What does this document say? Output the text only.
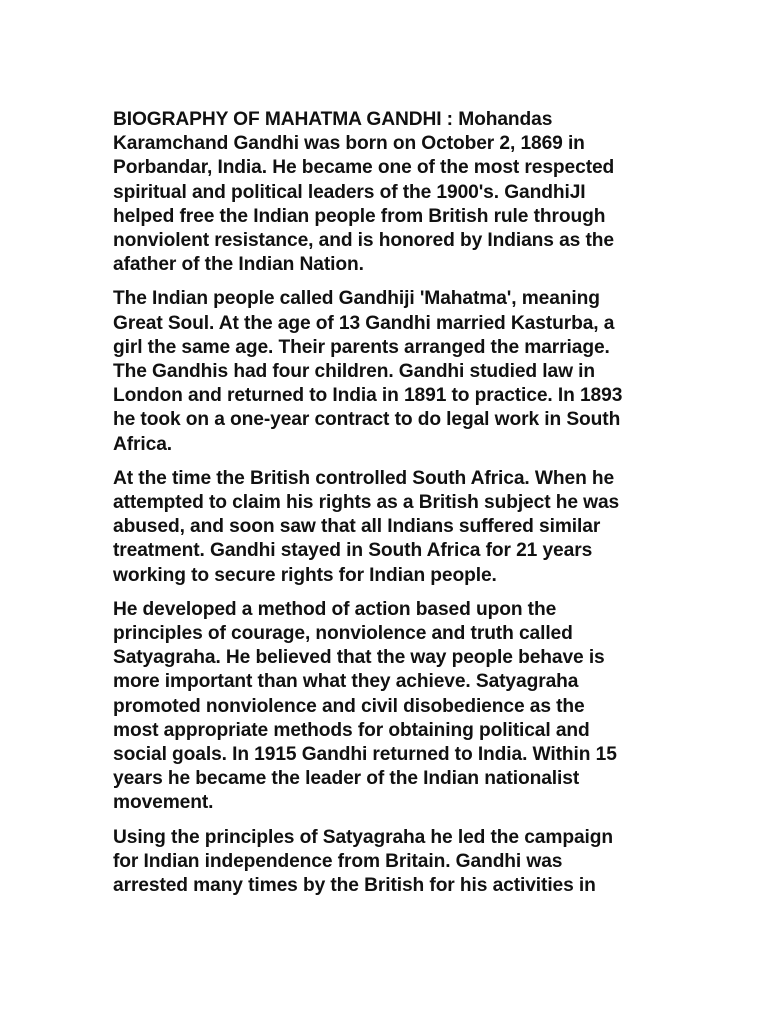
BIOGRAPHY OF MAHATMA GANDHI : Mohandas
Karamchand Gandhi was born on October 2, 1869 in
Porbandar, India. He became one of the most respected
spiritual and political leaders of the 1900's. GandhiJI
helped free the Indian people from British rule through
nonviolent resistance, and is honored by Indians as the
afather of the Indian Nation.

The Indian people called Gandhiji 'Mahatma', meaning
Great Soul. At the age of 13 Gandhi married Kasturba, a
girl the same age. Their parents arranged the marriage.
The Gandhis had four children. Gandhi studied law in
London and returned to India in 1891 to practice. In 1893
he took on a one-year contract to do legal work in South
Africa.

At the time the British controlled South Africa. When he
attempted to claim his rights as a British subject he was
abused, and soon saw that all Indians suffered similar
treatment. Gandhi stayed in South Africa for 21 years
working to secure rights for Indian people.

He developed a method of action based upon the
principles of courage, nonviolence and truth called
Satyagraha. He believed that the way people behave is
more important than what they achieve. Satyagraha
promoted nonviolence and civil disobedience as the
most appropriate methods for obtaining political and
social goals. In 1915 Gandhi returned to India. Within 15
years he became the leader of the Indian nationalist
movement.

Using the principles of Satyagraha he led the campaign
for Indian independence from Britain. Gandhi was
arrested many times by the British for his activities in
